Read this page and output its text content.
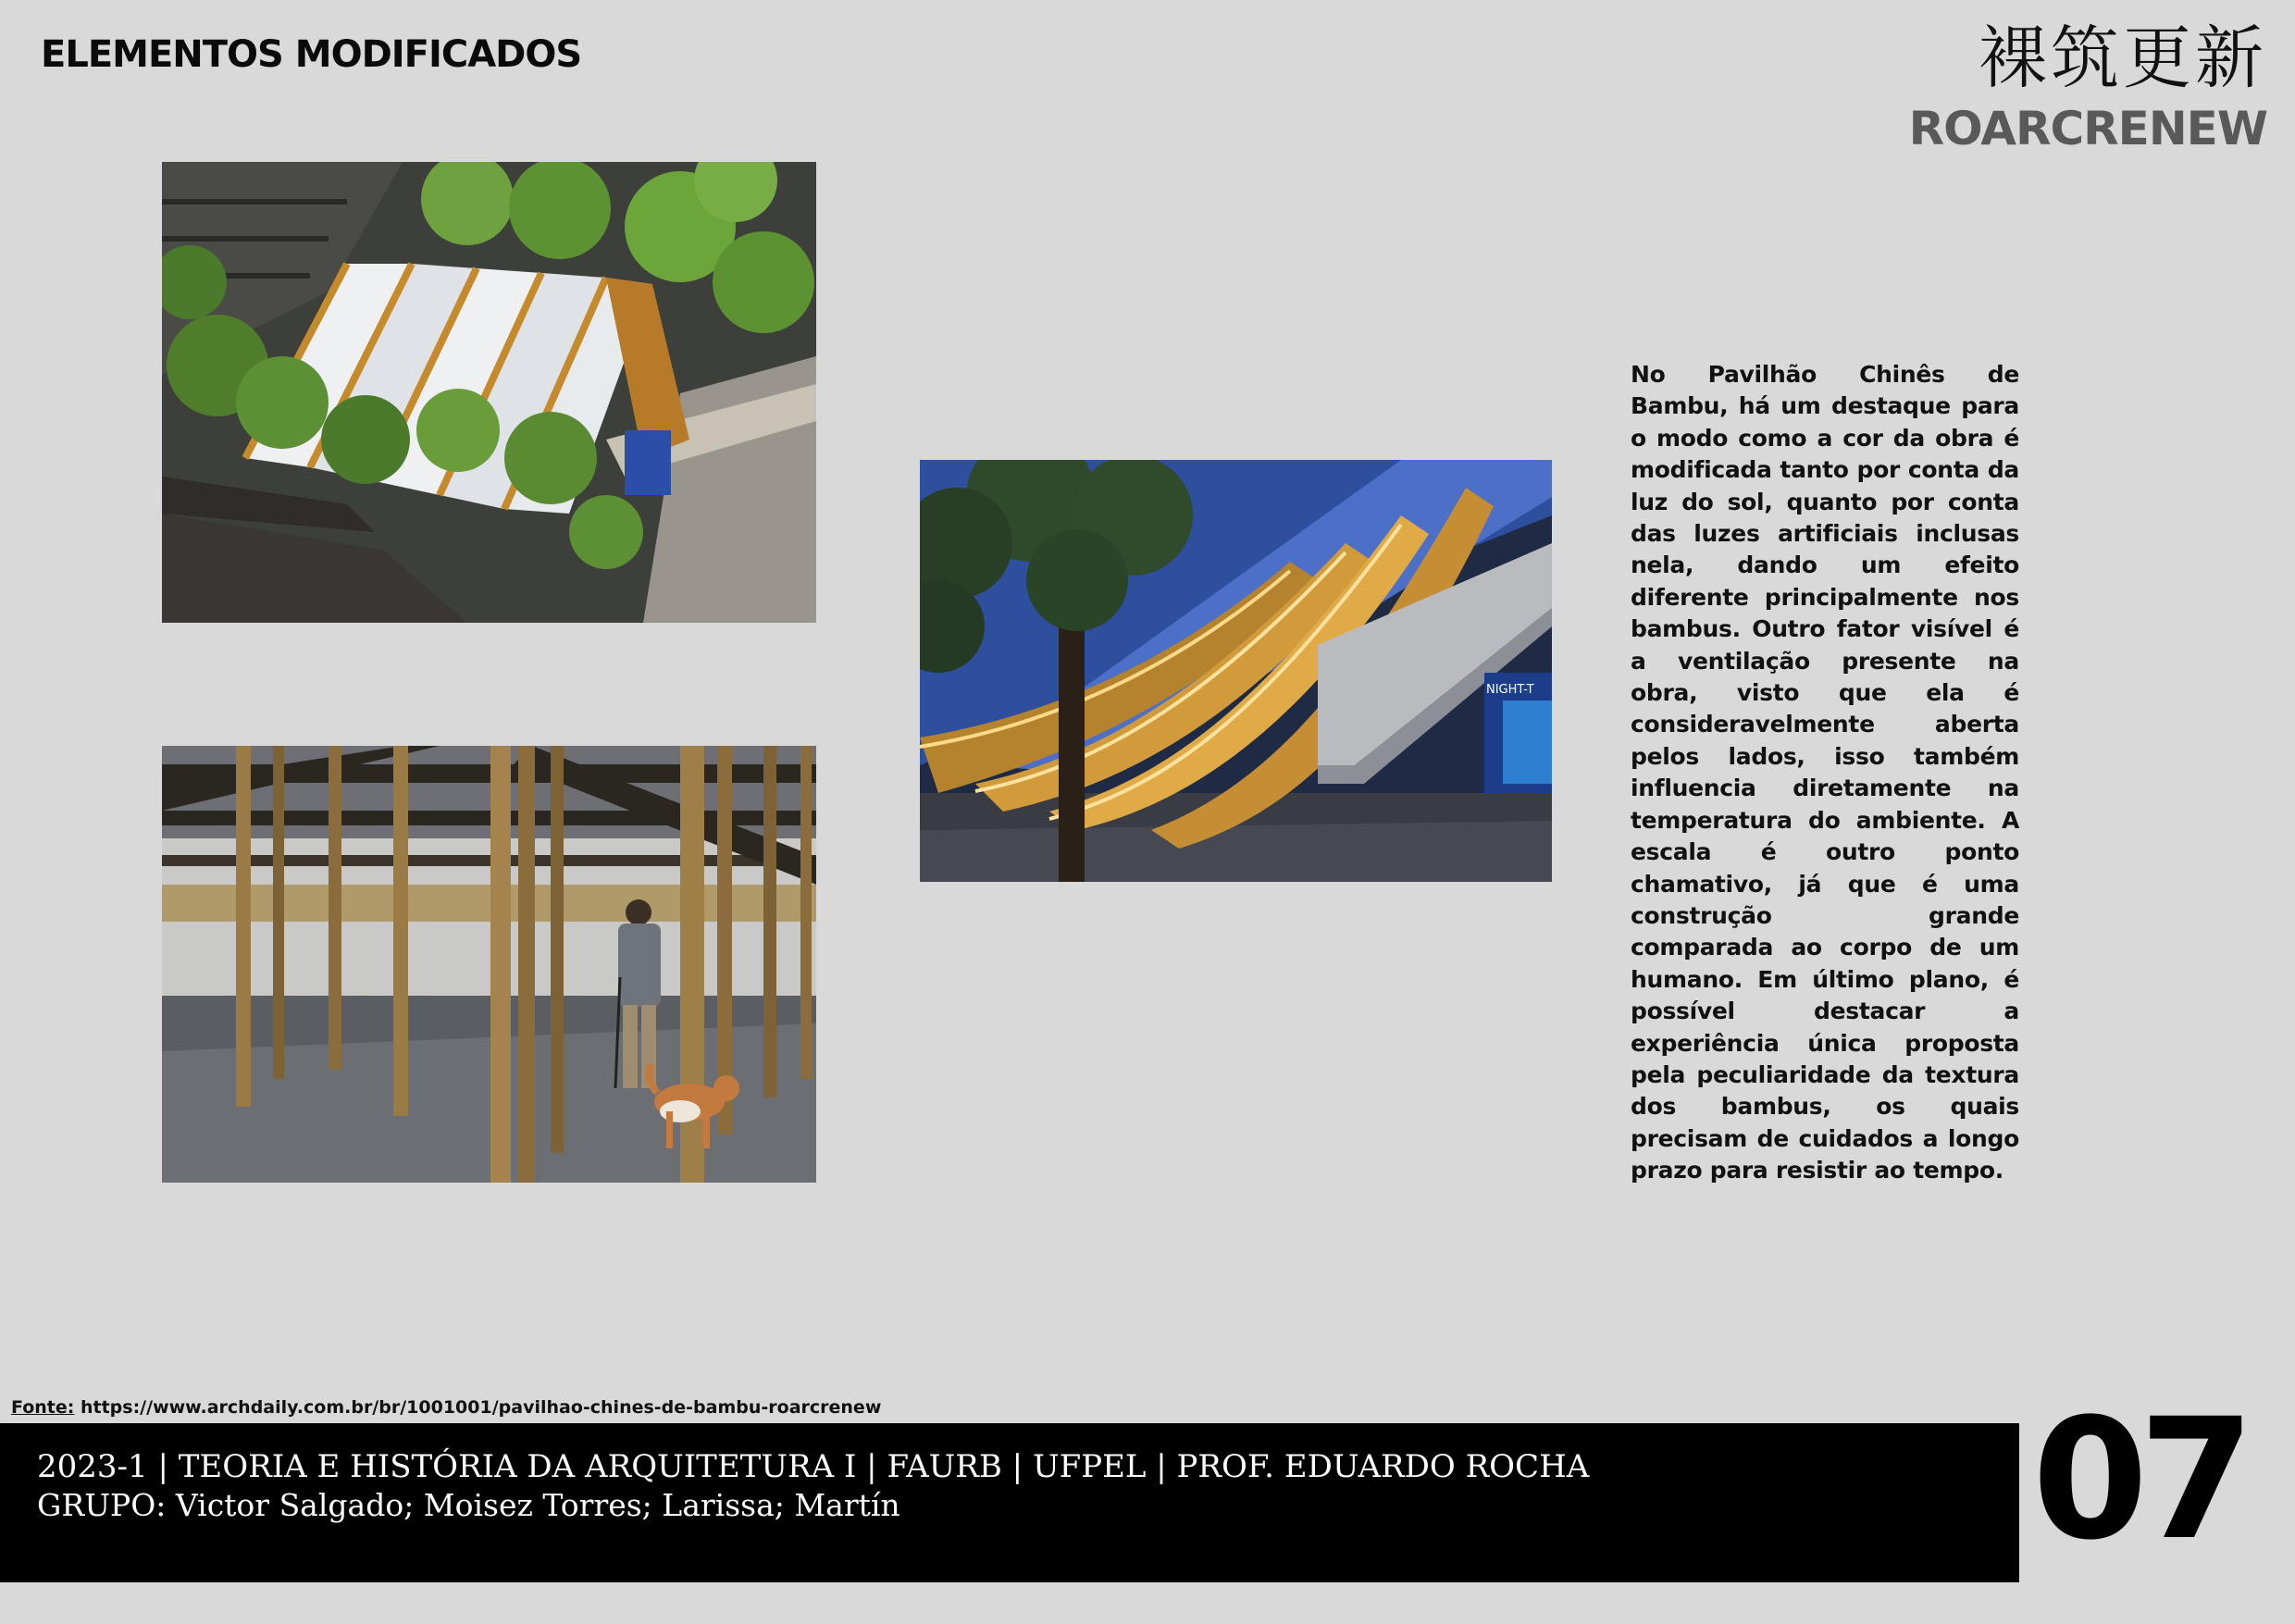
ELEMENTOS MODIFICADOS	裸筑更新
ROARCRENEW
NIGHT-T

No Pavilhão Chinês de Bambu, há um destaque para o modo como a cor da obra é modificada tanto por conta da luz do sol, quanto por conta das luzes artificiais inclusas nela, dando um efeito diferente principalmente nos bambus. Outro fator visível é a ventilação presente na obra, visto que ela é consideravelmente aberta pelos lados, isso também influencia diretamente na temperatura do ambiente. A escala é outro ponto chamativo, já que é uma construção grande comparada ao corpo de um humano. Em último plano, é possível destacar a experiência única proposta pela peculiaridade da textura dos bambus, os quais precisam de cuidados a longo prazo para resistir ao tempo.

Fonte: https://www.archdaily.com.br/br/1001001/pavilhao-chines-de-bambu-roarcrenew
2023-1 | TEORIA E HISTÓRIA DA ARQUITETURA I | FAURB | UFPEL | PROF. EDUARDO ROCHA
GRUPO: Victor Salgado; Moisez Torres; Larissa; Martín	07
